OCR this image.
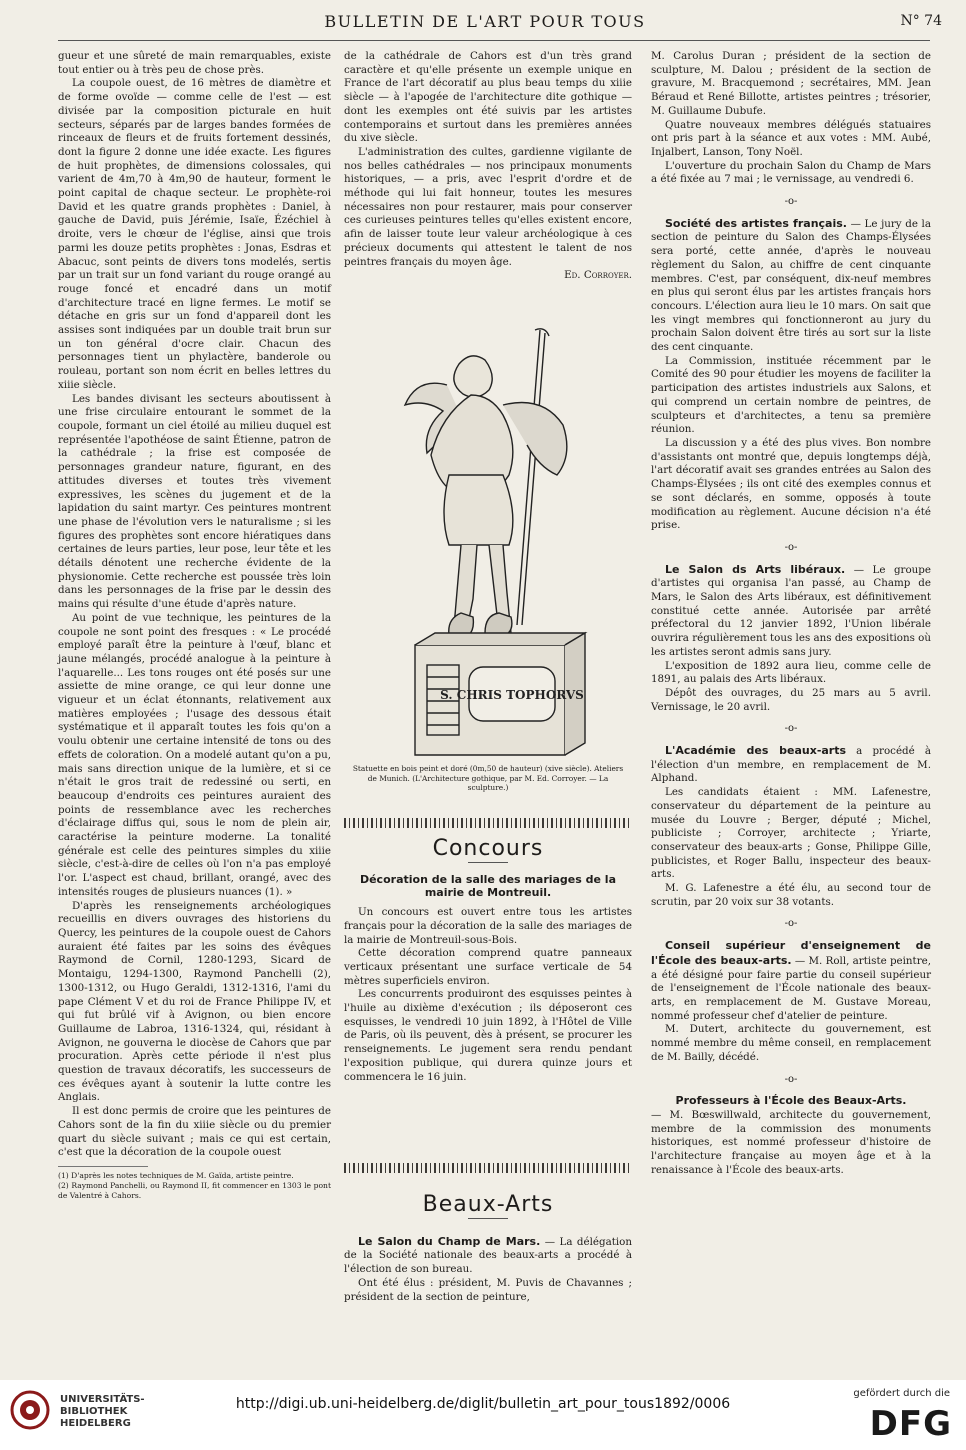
BULLETIN DE L'ART POUR TOUS	N° 74

gueur et une sûreté de main remarquables, existe tout entier ou à très peu de chose près.

La coupole ouest, de 16 mètres de diamètre et de forme ovoïde — comme celle de l'est — est divisée par la composition picturale en huit secteurs, séparés par de larges bandes formées de rinceaux de fleurs et de fruits fortement dessinés, dont la figure 2 donne une idée exacte. Les figures de huit prophètes, de dimensions colossales, qui varient de 4m,70 à 4m,90 de hauteur, forment le point capital de chaque secteur. Le prophète-roi David et les quatre grands prophètes : Daniel, à gauche de David, puis Jérémie, Isaïe, Ézéchiel à droite, vers le chœur de l'église, ainsi que trois parmi les douze petits prophètes : Jonas, Esdras et Abacuc, sont peints de divers tons modelés, sertis par un trait sur un fond variant du rouge orangé au rouge foncé et encadré dans un motif d'architecture tracé en ligne fermes. Le motif se détache en gris sur un fond d'appareil dont les assises sont indiquées par un double trait brun sur un ton général d'ocre clair. Chacun des personnages tient un phylactère, banderole ou rouleau, portant son nom écrit en belles lettres du xiiie siècle.

Les bandes divisant les secteurs aboutissent à une frise circulaire entourant le sommet de la coupole, formant un ciel étoilé au milieu duquel est représentée l'apothéose de saint Étienne, patron de la cathédrale ; la frise est composée de personnages grandeur nature, figurant, en des attitudes diverses et toutes très vivement expressives, les scènes du jugement et de la lapidation du saint martyr. Ces peintures montrent une phase de l'évolution vers le naturalisme ; si les figures des prophètes sont encore hiératiques dans certaines de leurs parties, leur pose, leur tête et les détails dénotent une recherche évidente de la physionomie. Cette recherche est poussée très loin dans les personnages de la frise par le dessin des mains qui résulte d'une étude d'après nature.

Au point de vue technique, les peintures de la coupole ne sont point des fresques : « Le procédé employé paraît être la peinture à l'œuf, blanc et jaune mélangés, procédé analogue à la peinture à l'aquarelle... Les tons rouges ont été posés sur une assiette de mine orange, ce qui leur donne une vigueur et un éclat étonnants, relativement aux matières employées ; l'usage des dessous était systématique et il apparaît toutes les fois qu'on a voulu obtenir une certaine intensité de tons ou des effets de coloration. On a modelé autant qu'on a pu, mais sans direction unique de la lumière, et si ce n'était le gros trait de redessiné ou serti, en beaucoup d'endroits ces peintures auraient des points de ressemblance avec les recherches d'éclairage diffus qui, sous le nom de plein air, caractérise la peinture moderne. La tonalité générale est celle des peintures simples du xiiie siècle, c'est-à-dire de celles où l'on n'a pas employé l'or. L'aspect est chaud, brillant, orangé, avec des intensités rouges de plusieurs nuances (1). »

D'après les renseignements archéologiques recueillis en divers ouvrages des historiens du Quercy, les peintures de la coupole ouest de Cahors auraient été faites par les soins des évêques Raymond de Cornil, 1280-1293, Sicard de Montaigu, 1294-1300, Raymond Panchelli (2), 1300-1312, ou Hugo Geraldi, 1312-1316, l'ami du pape Clément V et du roi de France Philippe IV, et qui fut brûlé vif à Avignon, ou bien encore Guillaume de Labroa, 1316-1324, qui, résidant à Avignon, ne gouverna le diocèse de Cahors que par procuration. Après cette période il n'est plus question de travaux décoratifs, les successeurs de ces évêques ayant à soutenir la lutte contre les Anglais.

Il est donc permis de croire que les peintures de Cahors sont de la fin du xiiie siècle ou du premier quart du siècle suivant ; mais ce qui est certain, c'est que la décoration de la coupole ouest

(1) D'après les notes techniques de M. Gaïda, artiste peintre.

(2) Raymond Panchelli, ou Raymond II, fit commencer en 1303 le pont de Valentré à Cahors.

de la cathédrale de Cahors est d'un très grand caractère et qu'elle présente un exemple unique en France de l'art décoratif au plus beau temps du xiiie siècle — à l'apogée de l'architecture dite gothique — dont les exemples ont été suivis par les artistes contemporains et surtout dans les premières années du xive siècle.

L'administration des cultes, gardienne vigilante de nos belles cathédrales — nos principaux monuments historiques, — a pris, avec l'esprit d'ordre et de méthode qui lui fait honneur, toutes les mesures nécessaires non pour restaurer, mais pour conserver ces curieuses peintures telles qu'elles existent encore, afin de laisser toute leur valeur archéologique à ces précieux documents qui attestent le talent de nos peintres français du moyen âge.

Ed. Corroyer.
S. CHRIS TOPHORVS
Statuette en bois peint et doré (0m,50 de hauteur) (xive siècle). Ateliers de Munich. (L'Architecture gothique, par M. Ed. Corroyer. — La sculpture.)
Concours
Décoration de la salle des mariages de la mairie de Montreuil.

Un concours est ouvert entre tous les artistes français pour la décoration de la salle des mariages de la mairie de Montreuil-sous-Bois.

Cette décoration comprend quatre panneaux verticaux présentant une surface verticale de 54 mètres superficiels environ.

Les concurrents produiront des esquisses peintes à l'huile au dixième d'exécution ; ils déposeront ces esquisses, le vendredi 10 juin 1892, à l'Hôtel de Ville de Paris, où ils peuvent, dès à présent, se procurer les renseignements. Le jugement sera rendu pendant l'exposition publique, qui durera quinze jours et commencera le 16 juin.

Beaux-Arts

Le Salon du Champ de Mars. — La délégation de la Société nationale des beaux-arts a procédé à l'élection de son bureau.

Ont été élus : président, M. Puvis de Chavannes ; président de la section de peinture,

M. Carolus Duran ; président de la section de sculpture, M. Dalou ; président de la section de gravure, M. Bracquemond ; secrétaires, MM. Jean Béraud et René Billotte, artistes peintres ; trésorier, M. Guillaume Dubufe.

Quatre nouveaux membres délégués statuaires ont pris part à la séance et aux votes : MM. Aubé, Injalbert, Lanson, Tony Noël.

L'ouverture du prochain Salon du Champ de Mars a été fixée au 7 mai ; le vernissage, au vendredi 6.

-o-

Société des artistes français. — Le jury de la section de peinture du Salon des Champs-Élysées sera porté, cette année, d'après le nouveau règlement du Salon, au chiffre de cent cinquante membres. C'est, par conséquent, dix-neuf membres en plus qui seront élus par les artistes français hors concours. L'élection aura lieu le 10 mars. On sait que les vingt membres qui fonctionneront au jury du prochain Salon doivent être tirés au sort sur la liste des cent cinquante.

La Commission, instituée récemment par le Comité des 90 pour étudier les moyens de faciliter la participation des artistes industriels aux Salons, et qui comprend un certain nombre de peintres, de sculpteurs et d'architectes, a tenu sa première réunion.

La discussion y a été des plus vives. Bon nombre d'assistants ont montré que, depuis longtemps déjà, l'art décoratif avait ses grandes entrées au Salon des Champs-Élysées ; ils ont cité des exemples connus et se sont déclarés, en somme, opposés à toute modification au règlement. Aucune décision n'a été prise.

-o-

Le Salon ds Arts libéraux. — Le groupe d'artistes qui organisa l'an passé, au Champ de Mars, le Salon des Arts libéraux, est définitivement constitué cette année. Autorisée par arrêté préfectoral du 12 janvier 1892, l'Union libérale ouvrira régulièrement tous les ans des expositions où les artistes seront admis sans jury.

L'exposition de 1892 aura lieu, comme celle de 1891, au palais des Arts libéraux.

Dépôt des ouvrages, du 25 mars au 5 avril. Vernissage, le 20 avril.

-o-

L'Académie des beaux-arts a procédé à l'élection d'un membre, en remplacement de M. Alphand.

Les candidats étaient : MM. Lafenestre, conservateur du département de la peinture au musée du Louvre ; Berger, député ; Michel, publiciste ; Corroyer, architecte ; Yriarte, conservateur des beaux-arts ; Gonse, Philippe Gille, publicistes, et Roger Ballu, inspecteur des beaux-arts.

M. G. Lafenestre a été élu, au second tour de scrutin, par 20 voix sur 38 votants.

-o-

Conseil supérieur d'enseignement de l'École des beaux-arts. — M. Roll, artiste peintre, a été désigné pour faire partie du conseil supérieur de l'enseignement de l'École nationale des beaux-arts, en remplacement de M. Gustave Moreau, nommé professeur chef d'atelier de peinture.

M. Dutert, architecte du gouvernement, est nommé membre du même conseil, en remplacement de M. Bailly, décédé.

-o-

Professeurs à l'École des Beaux-Arts.

— M. Bœswillwald, architecte du gouvernement, membre de la commission des monuments historiques, est nommé professeur d'histoire de l'architecture française au moyen âge et à la renaissance à l'École des beaux-arts.

UNIVERSITÄTS-
BIBLIOTHEK
HEIDELBERG
http://digi.ub.uni-heidelberg.de/diglit/bulletin_art_pour_tous1892/0006
gefördert durch die
DFG
